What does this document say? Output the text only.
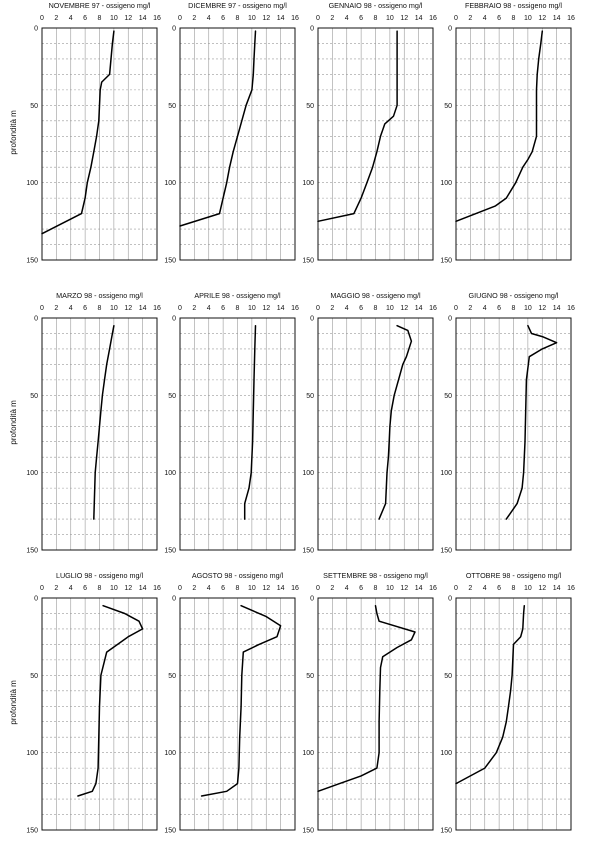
NOVEMBRE 97 - ossigeno mg/l
0 2 4 6 8 10 12 14 16
0
50
100
150
profondità m
DICEMBRE 97 - ossigeno mg/l
0 2 4 6 8 10 12 14 16
0
50
100
150
GENNAIO 98 - ossigeno mg/l
0 2 4 6 8 10 12 14 16
0
50
100
150
FEBBRAIO 98 - ossigeno mg/l
0 2 4 6 8 10 12 14 16
0
50
100
150
MARZO 98 - ossigeno mg/l
0 2 4 6 8 10 12 14 16
0
50
100
150
profondità m
APRILE 98 - ossigeno mg/l
0 2 4 6 8 10 12 14 16
0
50
100
150
MAGGIO 98 - ossigeno mg/l
0 2 4 6 8 10 12 14 16
0
50
100
150
GIUGNO 98 - ossigeno mg/l
0 2 4 6 8 10 12 14 16
0
50
100
150
LUGLIO 98 - ossigeno mg/l
0 2 4 6 8 10 12 14 16
0
50
100
150
profondità m
AGOSTO 98 - ossigeno mg/l
0 2 4 6 8 10 12 14 16
0
50
100
150
SETTEMBRE 98 - ossigeno mg/l
0 2 4 6 8 10 12 14 16
0
50
100
150
OTTOBRE 98 - ossigeno mg/l
0 2 4 6 8 10 12 14 16
0
50
100
150
